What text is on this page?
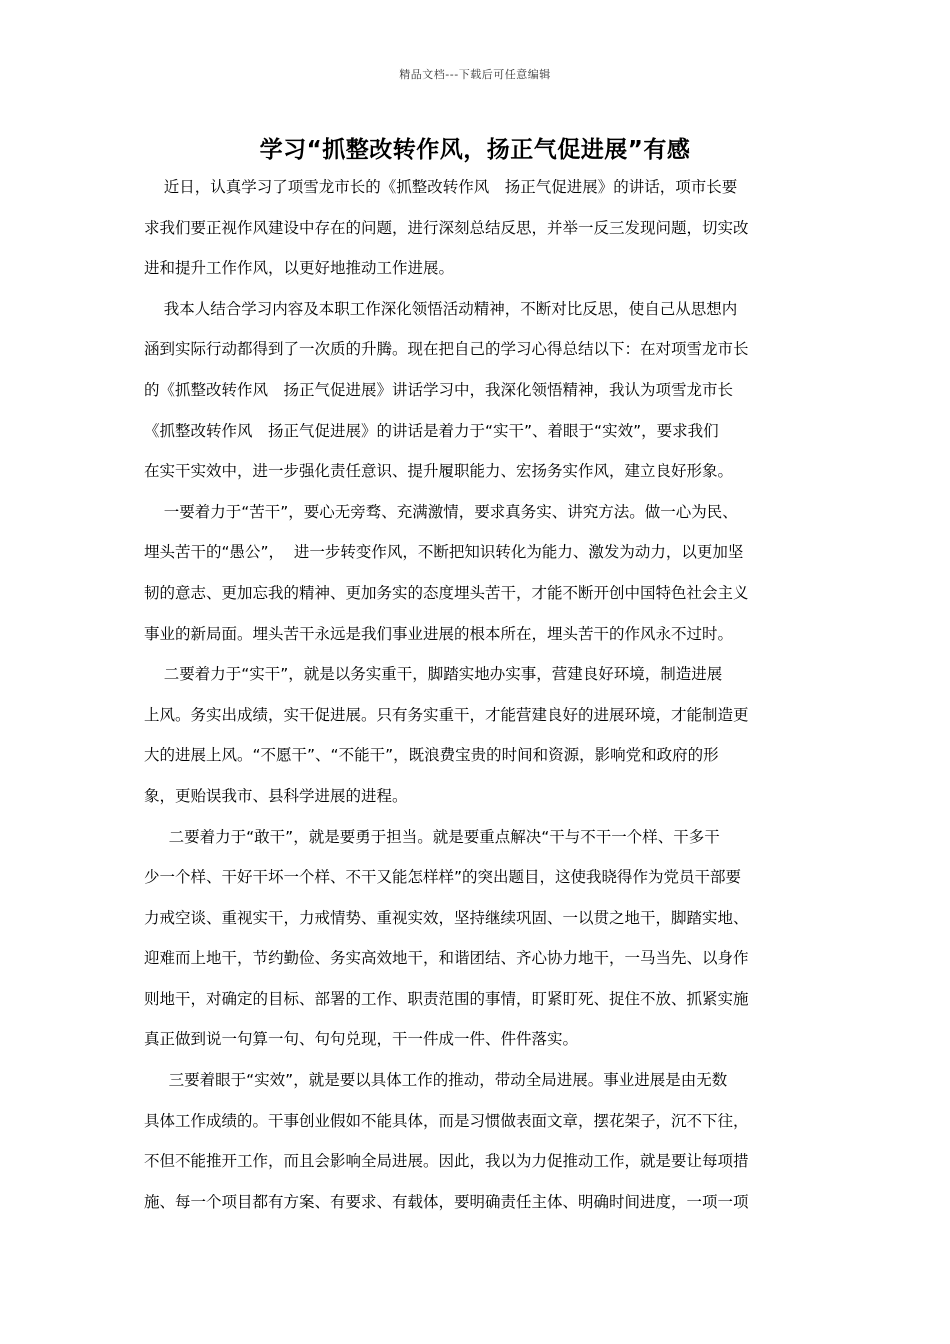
精品文档---下载后可任意编辑
学习“抓整改转作风，扬正气促进展”有感
近日，认真学习了项雪龙市长的《抓整改转作风　扬正气促进展》的讲话，项市长要
求我们要正视作风建设中存在的问题，进行深刻总结反思，并举一反三发现问题，切实改
进和提升工作作风，以更好地推动工作进展。
我本人结合学习内容及本职工作深化领悟活动精神，不断对比反思，使自己从思想内
涵到实际行动都得到了一次质的升腾。现在把自己的学习心得总结以下：在对项雪龙市长
的《抓整改转作风　扬正气促进展》讲话学习中，我深化领悟精神，我认为项雪龙市长
《抓整改转作风　扬正气促进展》的讲话是着力于“实干”、着眼于“实效”，要求我们
在实干实效中，进一步强化责任意识、提升履职能力、宏扬务实作风，建立良好形象。
一要着力于“苦干”，要心无旁骛、充满激情，要求真务实、讲究方法。做一心为民、
埋头苦干的“愚公”，  进一步转变作风，不断把知识转化为能力、激发为动力，以更加坚
韧的意志、更加忘我的精神、更加务实的态度埋头苦干，才能不断开创中国特色社会主义
事业的新局面。埋头苦干永远是我们事业进展的根本所在，埋头苦干的作风永不过时。
二要着力于“实干”，就是以务实重干，脚踏实地办实事，营建良好环境，制造进展
上风。务实出成绩，实干促进展。只有务实重干，才能营建良好的进展环境，才能制造更
大的进展上风。“不愿干”、“不能干”，既浪费宝贵的时间和资源，影响党和政府的形
象，更贻误我市、县科学进展的进程。
二要着力于“敢干”，就是要勇于担当。就是要重点解决“干与不干一个样、干多干
少一个样、干好干坏一个样、不干又能怎样样”的突出题目，这使我晓得作为党员干部要
力戒空谈、重视实干，力戒情势、重视实效，坚持继续巩固、一以贯之地干，脚踏实地、
迎难而上地干，节约勤俭、务实高效地干，和谐团结、齐心协力地干，一马当先、以身作
则地干，对确定的目标、部署的工作、职责范围的事情，盯紧盯死、捉住不放、抓紧实施
真正做到说一句算一句、句句兑现，干一件成一件、件件落实。
三要着眼于“实效”，就是要以具体工作的推动，带动全局进展。事业进展是由无数
具体工作成绩的。干事创业假如不能具体，而是习惯做表面文章，摆花架子，沉不下往，
不但不能推开工作，而且会影响全局进展。因此，我以为力促推动工作，就是要让每项措
施、每一个项目都有方案、有要求、有载体，要明确责任主体、明确时间进度，一项一项
